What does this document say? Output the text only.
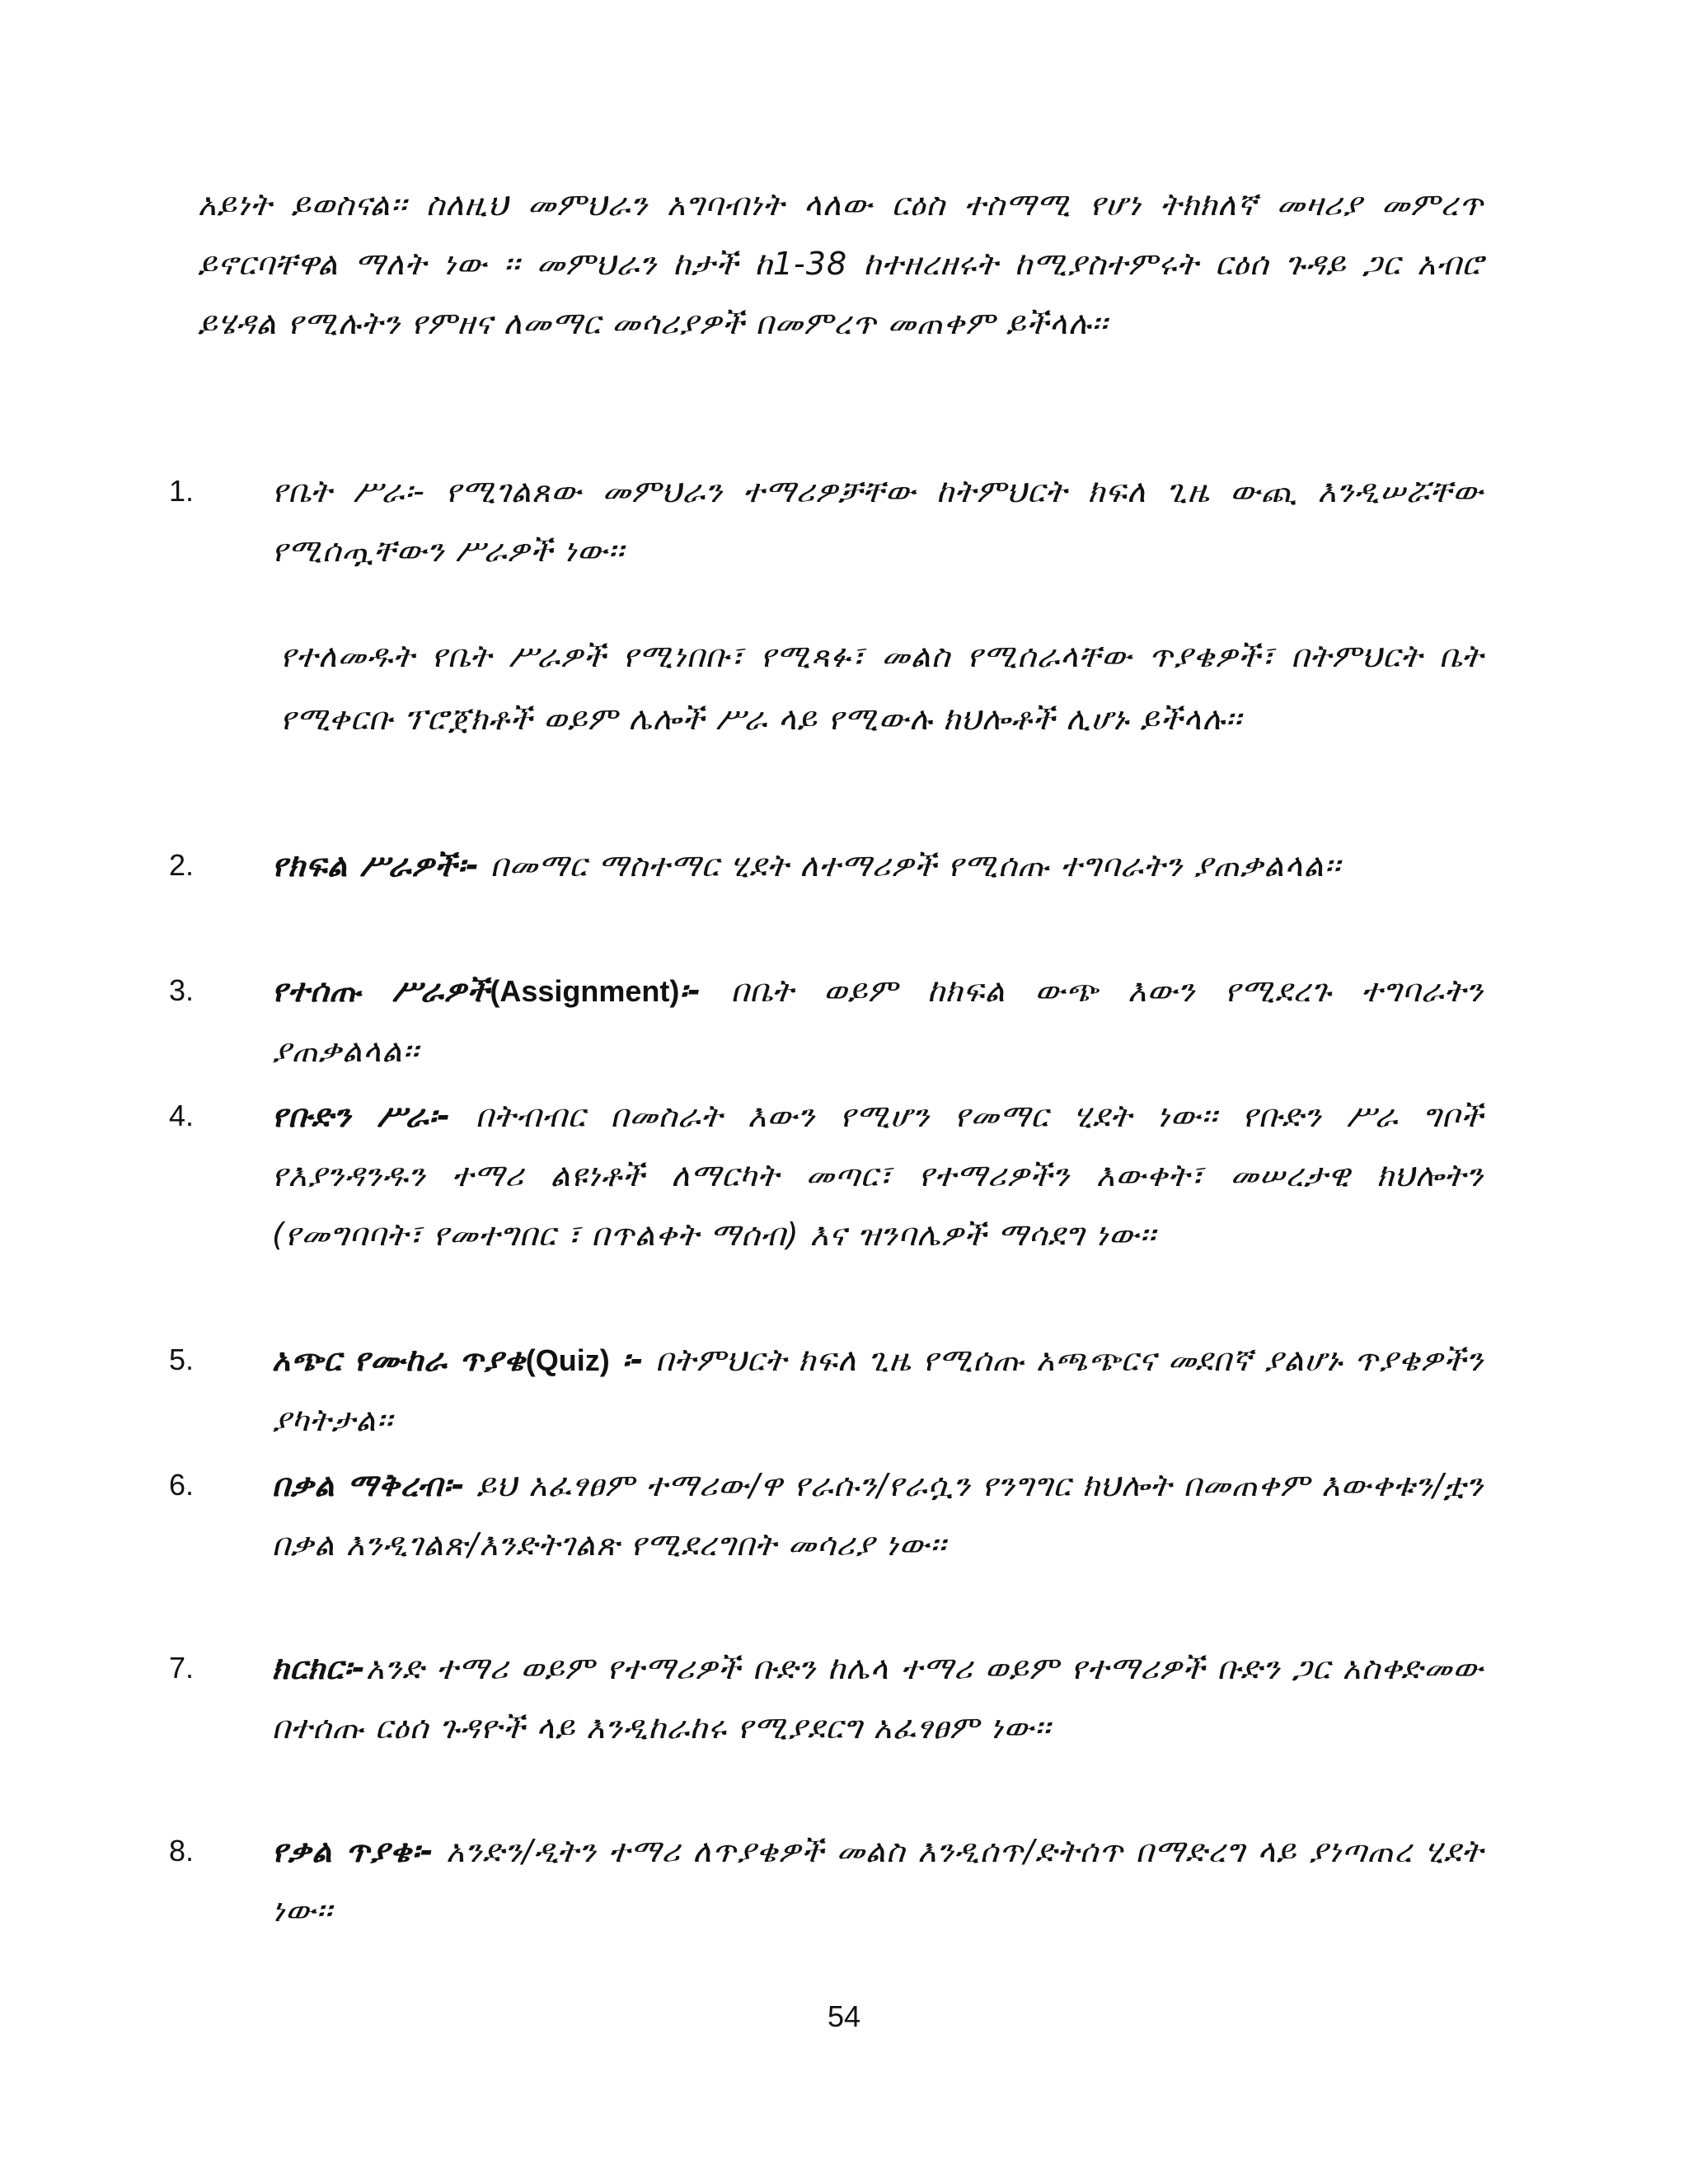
አይነት ይወስናል፡፡ ስለዚህ መምህራን አግባብነት ላለው ርዕስ ተስማሚ የሆነ ትክክለኛ መዛሪያ መምረጥ ይኖርባቸዋል ማለት ነው ፡፡ መምህራን ከታች ከ1-38 ከተዘረዘሩት ከሚያስተምሩት ርዕሰ ጉዳይ ጋር አብሮ ይሄዳል የሚሉትን የምዘና ለመማር መሳሪያዎች በመምረጥ መጠቀም ይችላሉ፡፡

1. የቤት ሥራ፡- የሚገልጸው መምህራን ተማሪዎቻቸው ከትምህርት ክፍለ ጊዜ ውጪ እንዲሠሯቸው የሚሰጧቸውን ሥራዎች ነው፡፡

የተለመዱት የቤት ሥራዎች የሚነበቡ፣ የሚጻፉ፣ መልስ የሚሰራላቸው ጥያቄዎች፣ በትምህርት ቤት የሚቀርቡ ፕሮጀክቶች ወይም ሌሎች ሥራ ላይ የሚውሉ ክህሎቶች ሊሆኑ ይችላሉ፡፡

2. የክፍል ሥራዎች፡- በመማር ማስተማር ሂደት ለተማሪዎች የሚሰጡ ተግባራትን ያጠቃልላል፡፡
3. የተሰጡ ሥራዎች(Assignment)፡- በቤት ወይም ከክፍል ውጭ እውን የሚደረጉ ተግባራትን ያጠቃልላል፡፡
4. የቡድን ሥራ፡- በትብብር በመስራት እውን የሚሆን የመማር ሂደት ነው፡፡ የቡድን ሥራ ግቦች የእያንዳንዱን ተማሪ ልዩነቶች ለማርካት መጣር፣ የተማሪዎችን እውቀት፣ መሠረታዊ ክህሎትን (የመግባባት፣ የመተግበር ፣ በጥልቀት ማሰብ) እና ዝንባሌዎች ማሳደግ ነው፡፡
5. አጭር የሙከራ ጥያቄ(Quiz) ፡- በትምህርት ክፍለ ጊዜ የሚሰጡ አጫጭርና መደበኛ ያልሆኑ ጥያቄዎችን ያካትታል፡፡
6. በቃል ማቅረብ፡- ይህ አፈፃፀም ተማሪው/ዋ የራሱን/የራሷን የንግግር ክህሎት በመጠቀም እውቀቱን/ቷን በቃል እንዲገልጽ/እንድትገልጽ የሚደረግበት መሳሪያ ነው፡፡
7. ክርክር፡-አንድ ተማሪ ወይም የተማሪዎች ቡድን ከሌላ ተማሪ ወይም የተማሪዎች ቡድን ጋር አስቀድመው በተሰጡ ርዕሰ ጉዳዮች ላይ እንዲከራከሩ የሚያደርግ አፈፃፀም ነው፡፡
8. የቃል ጥያቄ፡- አንድን/ዲትን ተማሪ ለጥያቄዎች መልስ እንዲሰጥ/ድትሰጥ በማድረግ ላይ ያነጣጠረ ሂደት ነው፡፡
54
